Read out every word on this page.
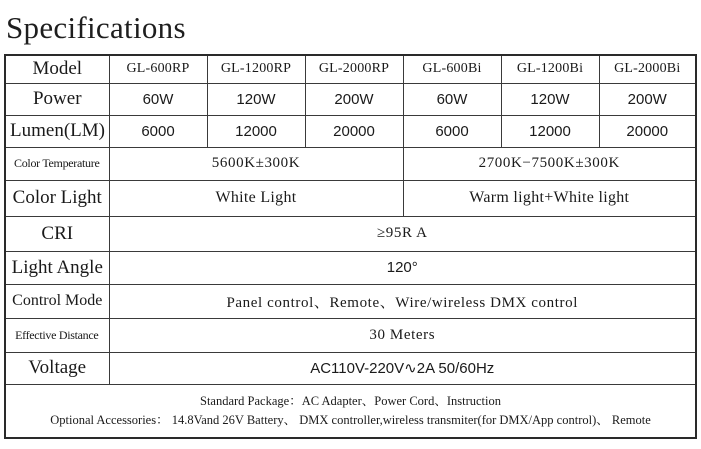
Specifications
Model	GL-600RP	GL-1200RP	GL-2000RP	GL-600Bi	GL-1200Bi	GL-2000Bi
Power	60W	120W	200W	60W	120W	200W
Lumen(LM)	6000	12000	20000	6000	12000	20000
Color Temperature	5600K±300K			2700K−7500K±300K		
Color Light	White Light			Warm light+White light		
CRI	≥95R A					
Light Angle	120°					
Control Mode	Panel control、Remote、Wire/wireless DMX control					
Effective Distance	30 Meters					
Voltage	AC110V-220V∿2A 50/60Hz					

Standard Package：AC Adapter、Power Cord、Instruction
Optional Accessories： 14.8Vand 26V Battery、 DMX controller,wireless transmiter(for DMX/App control)、 Remote						
